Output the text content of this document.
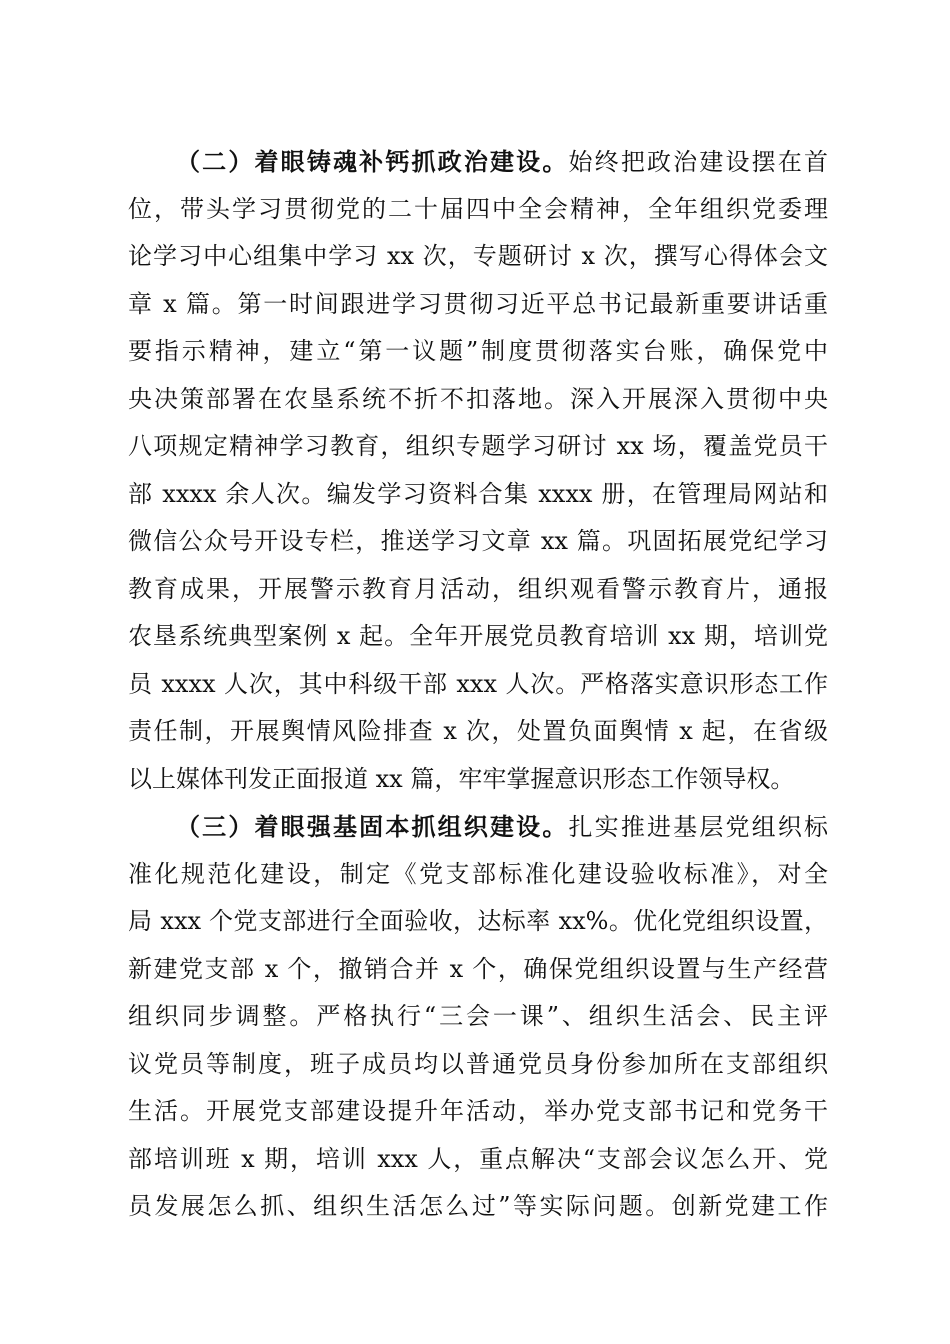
（二）着眼铸魂补钙抓政治建设。始终把政治建设摆在首
位，带头学习贯彻党的二十届四中全会精神，全年组织党委理
论学习中心组集中学习 xx 次，专题研讨 x 次，撰写心得体会文
章 x 篇。第一时间跟进学习贯彻习近平总书记最新重要讲话重
要指示精神，建立“第一议题”制度贯彻落实台账，确保党中
央决策部署在农垦系统不折不扣落地。深入开展深入贯彻中央
八项规定精神学习教育，组织专题学习研讨 xx 场，覆盖党员干
部 xxxx 余人次。编发学习资料合集 xxxx 册，在管理局网站和
微信公众号开设专栏，推送学习文章 xx 篇。巩固拓展党纪学习
教育成果，开展警示教育月活动，组织观看警示教育片，通报
农垦系统典型案例 x 起。全年开展党员教育培训 xx 期，培训党
员 xxxx 人次，其中科级干部 xxx 人次。严格落实意识形态工作
责任制，开展舆情风险排查 x 次，处置负面舆情 x 起，在省级
以上媒体刊发正面报道 xx 篇，牢牢掌握意识形态工作领导权。
（三）着眼强基固本抓组织建设。扎实推进基层党组织标
准化规范化建设，制定《党支部标准化建设验收标准》，对全
局 xxx 个党支部进行全面验收，达标率 xx%。优化党组织设置，
新建党支部 x 个，撤销合并 x 个，确保党组织设置与生产经营
组织同步调整。严格执行“三会一课”、组织生活会、民主评
议党员等制度，班子成员均以普通党员身份参加所在支部组织
生活。开展党支部建设提升年活动，举办党支部书记和党务干
部培训班 x 期，培训 xxx 人，重点解决“支部会议怎么开、党
员发展怎么抓、组织生活怎么过”等实际问题。创新党建工作
